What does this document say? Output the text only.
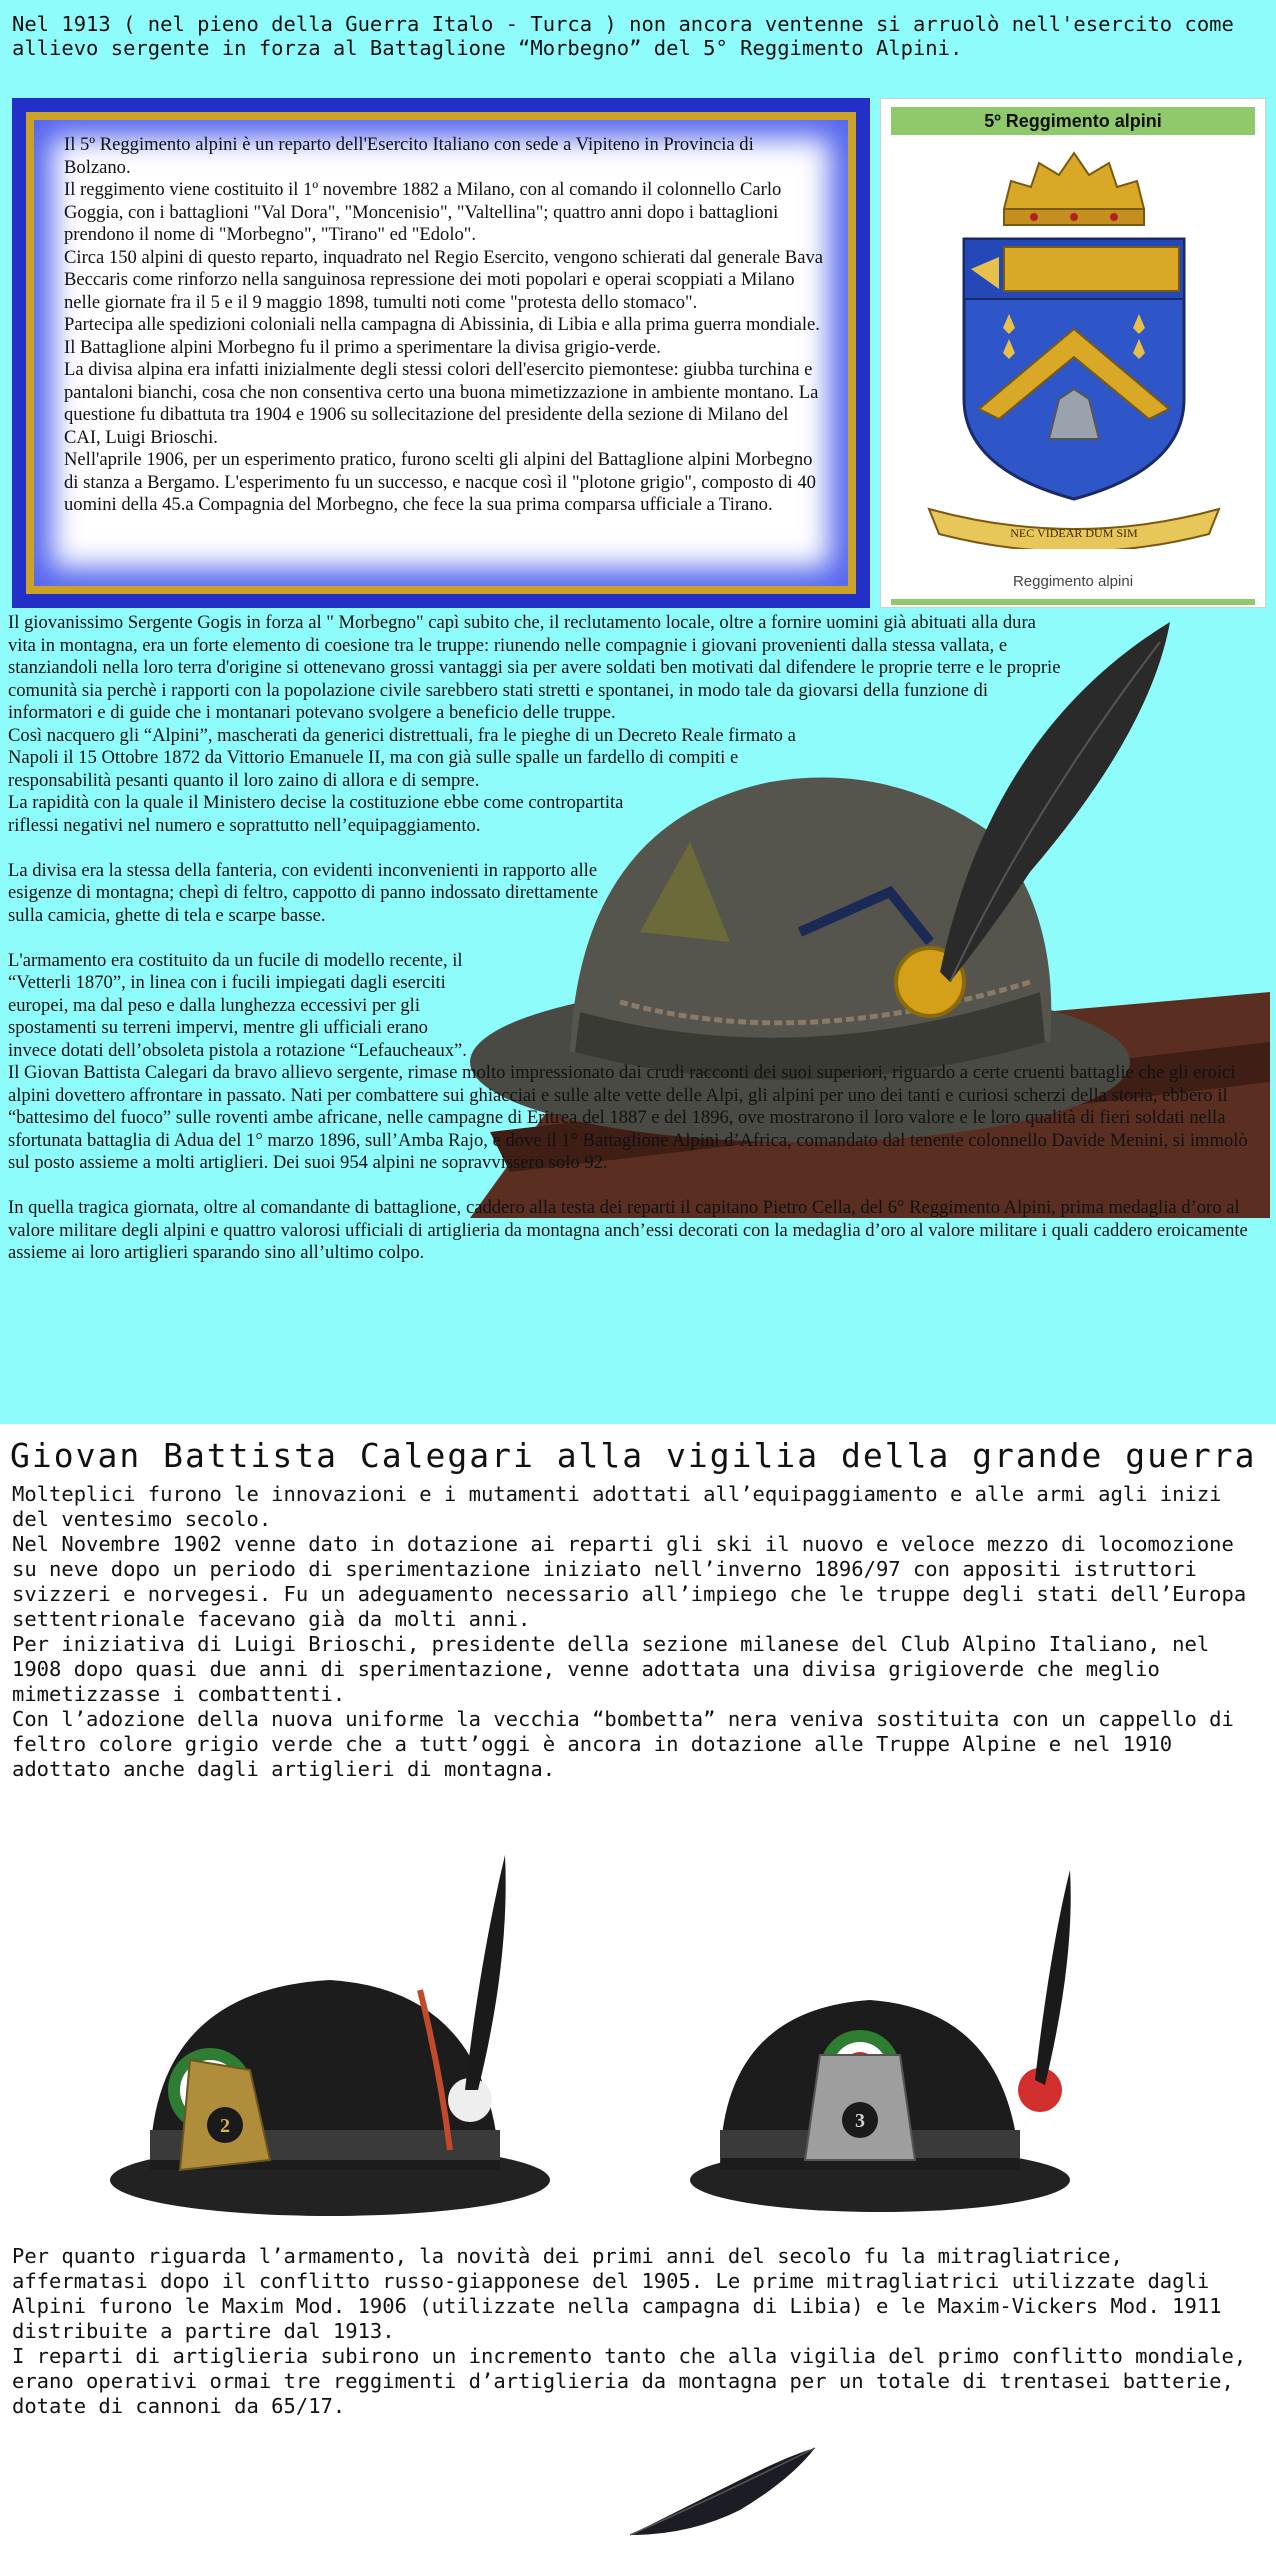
Nel 1913 ( nel pieno della Guerra Italo - Turca ) non ancora ventenne si arruolò nell'esercito come allievo sergente in forza al Battaglione “Morbegno” del 5° Reggimento Alpini.

Il 5º Reggimento alpini è un reparto dell'Esercito Italiano con sede a Vipiteno in Provincia di Bolzano.

Il reggimento viene costituito il 1º novembre 1882 a Milano, con al comando il colonnello Carlo Goggia, con i battaglioni "Val Dora", "Moncenisio", "Valtellina"; quattro anni dopo i battaglioni prendono il nome di "Morbegno", "Tirano" ed "Edolo".

Circa 150 alpini di questo reparto, inquadrato nel Regio Esercito, vengono schierati dal generale Bava Beccaris come rinforzo nella sanguinosa repressione dei moti popolari e operai scoppiati a Milano nelle giornate fra il 5 e il 9 maggio 1898, tumulti noti come "protesta dello stomaco".

Partecipa alle spedizioni coloniali nella campagna di Abissinia, di Libia e alla prima guerra mondiale.

Il Battaglione alpini Morbegno fu il primo a sperimentare la divisa grigio-verde.

La divisa alpina era infatti inizialmente degli stessi colori dell'esercito piemontese: giubba turchina e pantaloni bianchi, cosa che non consentiva certo una buona mimetizzazione in ambiente montano. La questione fu dibattuta tra 1904 e 1906 su sollecitazione del presidente della sezione di Milano del CAI, Luigi Brioschi.

Nell'aprile 1906, per un esperimento pratico, furono scelti gli alpini del Battaglione alpini Morbegno di stanza a Bergamo. L'esperimento fu un successo, e nacque così il "plotone grigio", composto di 40 uomini della 45.a Compagnia del Morbegno, che fece la sua prima comparsa ufficiale a Tirano.

5º Reggimento alpini
NEC VIDEAR DUM SIM
Reggimento alpini

Il giovanissimo Sergente Gogis in forza al " Morbegno" capì subito che, il reclutamento locale, oltre a fornire uomini già abituati alla dura vita in montagna, era un forte elemento di coesione tra le truppe: riunendo nelle compagnie i giovani provenienti dalla stessa vallata, e stanziandoli nella loro terra d'origine si ottenevano grossi vantaggi sia per avere soldati ben motivati dal difendere le proprie terre e le proprie comunità sia perchè i rapporti con la popolazione civile sarebbero stati stretti e spontanei, in modo tale da giovarsi della funzione di informatori e di guide che i montanari potevano svolgere a beneficio delle truppe.

Così nacquero gli “Alpini”, mascherati da generici distrettuali, fra le pieghe di un Decreto Reale firmato a Napoli il 15 Ottobre 1872 da Vittorio Emanuele II, ma con già sulle spalle un fardello di compiti e responsabilità pesanti quanto il loro zaino di allora e di sempre.

La rapidità con la quale il Ministero decise la costituzione ebbe come contropartita riflessi negativi nel numero e soprattutto nell’equipaggiamento.

La divisa era la stessa della fanteria, con evidenti inconvenienti in rapporto alle esigenze di montagna; chepì di feltro, cappotto di panno indossato direttamente sulla camicia, ghette di tela e scarpe basse.

L'armamento era costituito da un fucile di modello recente, il “Vetterli 1870”, in linea con i fucili impiegati dagli eserciti europei, ma dal peso e dalla lunghezza eccessivi per gli spostamenti su terreni impervi, mentre gli ufficiali erano invece dotati dell’obsoleta pistola a rotazione “Lefaucheaux”.

Il Giovan Battista Calegari da bravo allievo sergente, rimase molto impressionato dai crudi racconti dei suoi superiori, riguardo a certe cruenti battaglie che gli eroici alpini dovettero affrontare in passato. Nati per combattere sui ghiacciai e sulle alte vette delle Alpi, gli alpini per uno dei tanti e curiosi scherzi della storia, ebbero il “battesimo del fuoco” sulle roventi ambe africane, nelle campagne di Eritrea del 1887 e del 1896, ove mostrarono il loro valore e le loro qualità di fieri soldati nella sfortunata battaglia di Adua del 1° marzo 1896, sull’Amba Rajo, e dove il 1° Battaglione Alpini d’Africa, comandato dal tenente colonnello Davide Menini, si immolò sul posto assieme a molti artiglieri. Dei suoi 954 alpini ne sopravvissero solo 92.

In quella tragica giornata, oltre al comandante di battaglione, caddero alla testa dei reparti il capitano Pietro Cella, del 6° Reggimento Alpini, prima medaglia d’oro al valore militare degli alpini e quattro valorosi ufficiali di artiglieria da montagna anch’essi decorati con la medaglia d’oro al valore militare i quali caddero eroicamente assieme ai loro artiglieri sparando sino all’ultimo colpo.

Giovan Battista Calegari alla vigilia della grande guerra

Molteplici furono le innovazioni e i mutamenti adottati all’equipaggiamento e alle armi agli inizi del ventesimo secolo.

Nel Novembre 1902 venne dato in dotazione ai reparti gli ski il nuovo e veloce mezzo di locomozione su neve dopo un periodo di sperimentazione iniziato nell’inverno 1896/97 con appositi istruttori svizzeri e norvegesi. Fu un adeguamento necessario all’impiego che le truppe degli stati dell’Europa settentrionale facevano già da molti anni.

Per iniziativa di Luigi Brioschi, presidente della sezione milanese del Club Alpino Italiano, nel 1908 dopo quasi due anni di sperimentazione, venne adottata una divisa grigioverde che meglio mimetizzasse i combattenti.

Con l’adozione della nuova uniforme la vecchia “bombetta” nera veniva sostituita con un cappello di feltro colore grigio verde che a tutt’oggi è ancora in dotazione alle Truppe Alpine e nel 1910 adottato anche dagli artiglieri di montagna.

2	3

Per quanto riguarda l’armamento, la novità dei primi anni del secolo fu la mitragliatrice, affermatasi dopo il conflitto russo-giapponese del 1905. Le prime mitragliatrici utilizzate dagli Alpini furono le Maxim Mod. 1906 (utilizzate nella campagna di Libia) e le Maxim-Vickers Mod. 1911 distribuite a partire dal 1913.

I reparti di artiglieria subirono un incremento tanto che alla vigilia del primo conflitto mondiale, erano operativi ormai tre reggimenti d’artiglieria da montagna per un totale di trentasei batterie, dotate di cannoni da 65/17.
